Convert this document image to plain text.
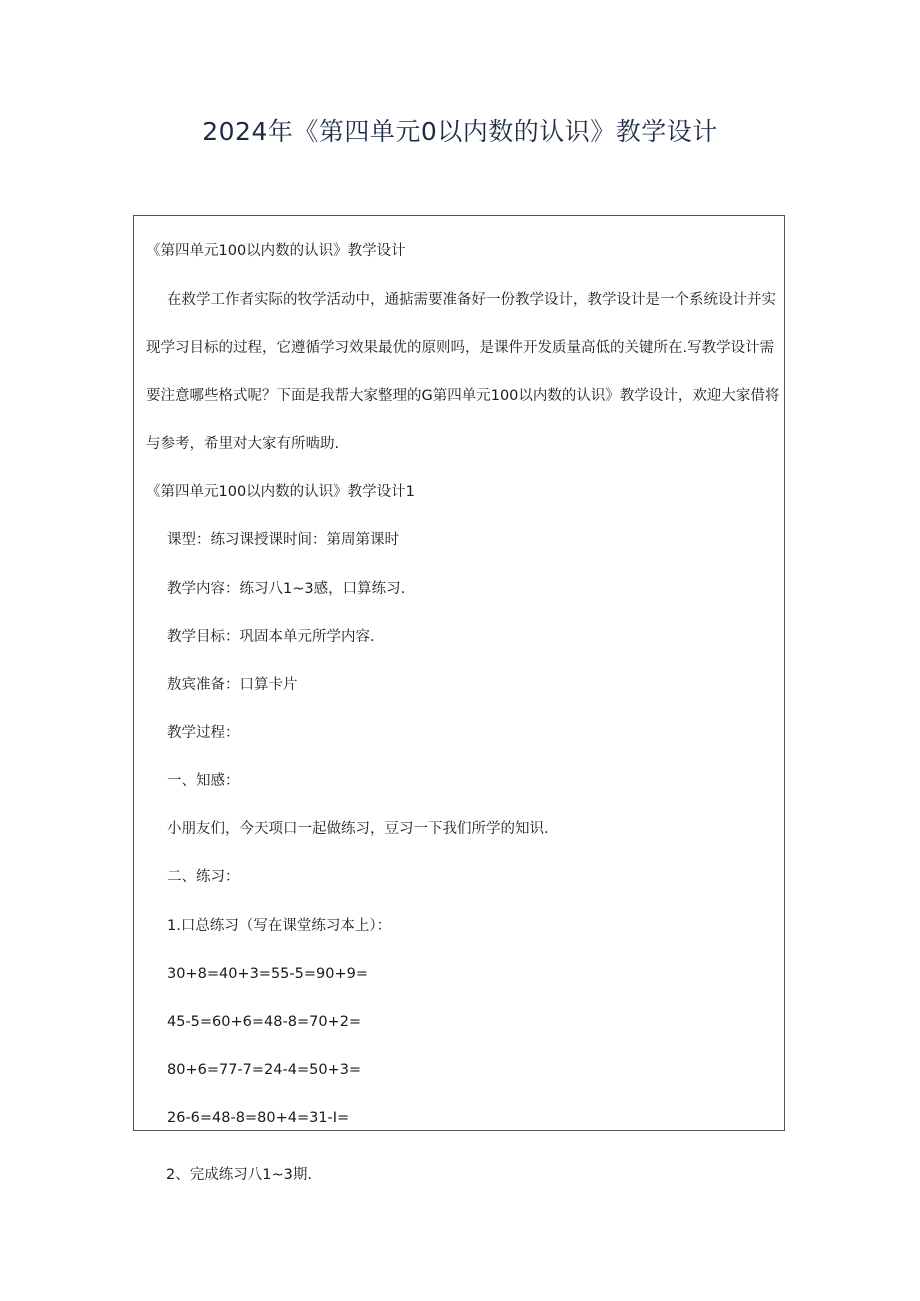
2024年《第四单元0以内数的认识》教学设计
《第四单元100以内数的认识》教学设计
在救学工作者实际的牧学活动中，通掂需要准备好一份教学设计，教学设计是一个系统设计并实
现学习目标的过程，它遵循学习效果最优的原则吗，是课件开发质量高低的关键所在.写教学设计需
要注意哪些格式呢？下面是我帮大家整理的G第四单元100以内数的认识》教学设计，欢迎大家借将
与参考，希里对大家有所啮助.
《第四单元100以内数的认识》教学设计1
课型：练习课授课时间：第周第课时
教学内容：练习八1~3感，口算练习.
教学目标：巩固本单元所学内容.
敖宾准备：口算卡片
教学过程：
一、知感：
小朋友们，今天项口一起做练习，豆习一下我们所学的知识.
二、练习：
1.口总练习（写在课堂练习本上）：
30+8=40+3=55-5=90+9=
45-5=60+6=48-8=70+2=
80+6=77-7=24-4=50+3=
26-6=48-8=80+4=31-I=
2、完成练习八1~3期.
